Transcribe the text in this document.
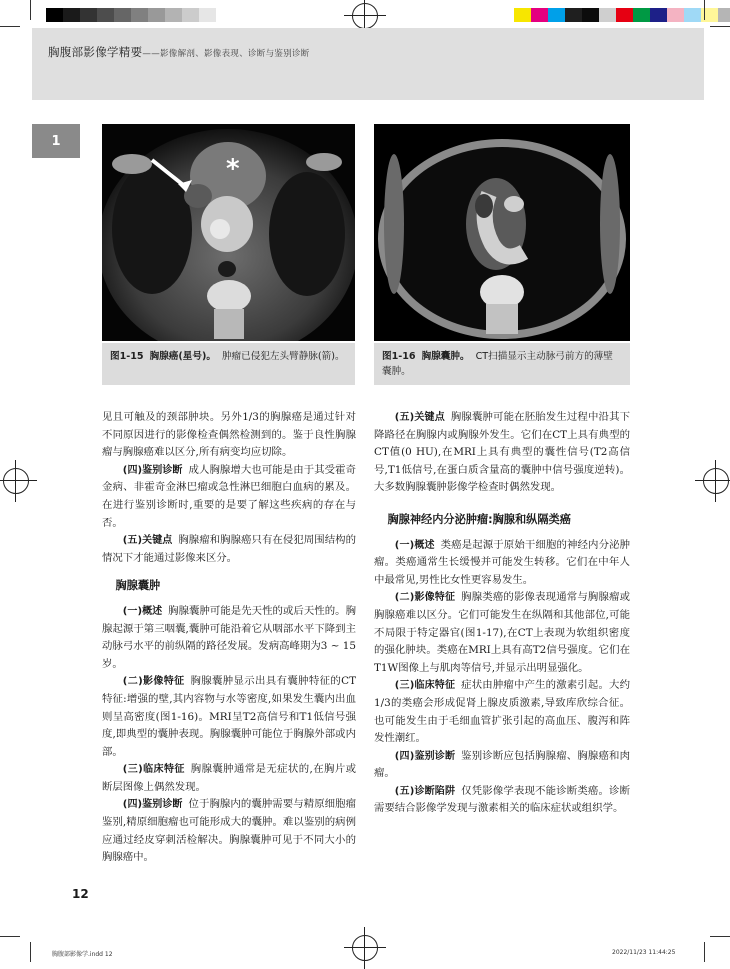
胸腹部影像学精要——影像解剖、影像表现、诊断与鉴别诊断
1
*
图1-15 胸腺癌(星号)。 肿瘤已侵犯左头臂静脉(箭)。	图1-16 胸腺囊肿。 CT扫描显示主动脉弓前方的薄壁囊肿。

见且可触及的颈部肿块。另外1/3的胸腺癌是通过针对不同原因进行的影像检查偶然检测到的。鉴于良性胸腺瘤与胸腺癌难以区分,所有病变均应切除。

(四)鉴别诊断 成人胸腺增大也可能是由于其受霍奇金病、非霍奇金淋巴瘤或急性淋巴细胞白血病的累及。在进行鉴别诊断时,重要的是要了解这些疾病的存在与否。

(五)关键点 胸腺瘤和胸腺癌只有在侵犯周围结构的情况下才能通过影像来区分。

胸腺囊肿

(一)概述 胸腺囊肿可能是先天性的或后天性的。胸腺起源于第三咽囊,囊肿可能沿着它从咽部水平下降到主动脉弓水平的前纵隔的路径发展。发病高峰期为3 ~ 15岁。

(二)影像特征 胸腺囊肿显示出具有囊肿特征的CT特征:增强的壁,其内容物与水等密度,如果发生囊内出血则呈高密度(图1-16)。MRI呈T2高信号和T1低信号强度,即典型的囊肿表现。胸腺囊肿可能位于胸腺外部或内部。

(三)临床特征 胸腺囊肿通常是无症状的,在胸片或断层图像上偶然发现。

(四)鉴别诊断 位于胸腺内的囊肿需要与精原细胞瘤鉴别,精原细胞瘤也可能形成大的囊肿。难以鉴别的病例应通过经皮穿刺活检解决。胸腺囊肿可见于不同大小的胸腺癌中。

(五)关键点 胸腺囊肿可能在胚胎发生过程中沿其下降路径在胸腺内或胸腺外发生。它们在CT上具有典型的CT值(0 HU),在MRI上具有典型的囊性信号(T2高信号,T1低信号,在蛋白质含量高的囊肿中信号强度逆转)。大多数胸腺囊肿影像学检查时偶然发现。

胸腺神经内分泌肿瘤:胸腺和纵隔类癌

(一)概述 类癌是起源于原始干细胞的神经内分泌肿瘤。类癌通常生长缓慢并可能发生转移。它们在中年人中最常见,男性比女性更容易发生。

(二)影像特征 胸腺类癌的影像表现通常与胸腺瘤或胸腺癌难以区分。它们可能发生在纵隔和其他部位,可能不局限于特定器官(图1-17),在CT上表现为软组织密度的强化肿块。类癌在MRI上具有高T2信号强度。它们在T1W图像上与肌肉等信号,并显示出明显强化。

(三)临床特征 症状由肿瘤中产生的激素引起。大约1/3的类癌会形成促肾上腺皮质激素,导致库欣综合征。也可能发生由于毛细血管扩张引起的高血压、腹泻和阵发性潮红。

(四)鉴别诊断 鉴别诊断应包括胸腺瘤、胸腺癌和肉瘤。

(五)诊断陷阱 仅凭影像学表现不能诊断类癌。诊断需要结合影像学发现与激素相关的临床症状或组织学。

12
胸腹部影像学.indd 12	2022/11/23 11:44:25
